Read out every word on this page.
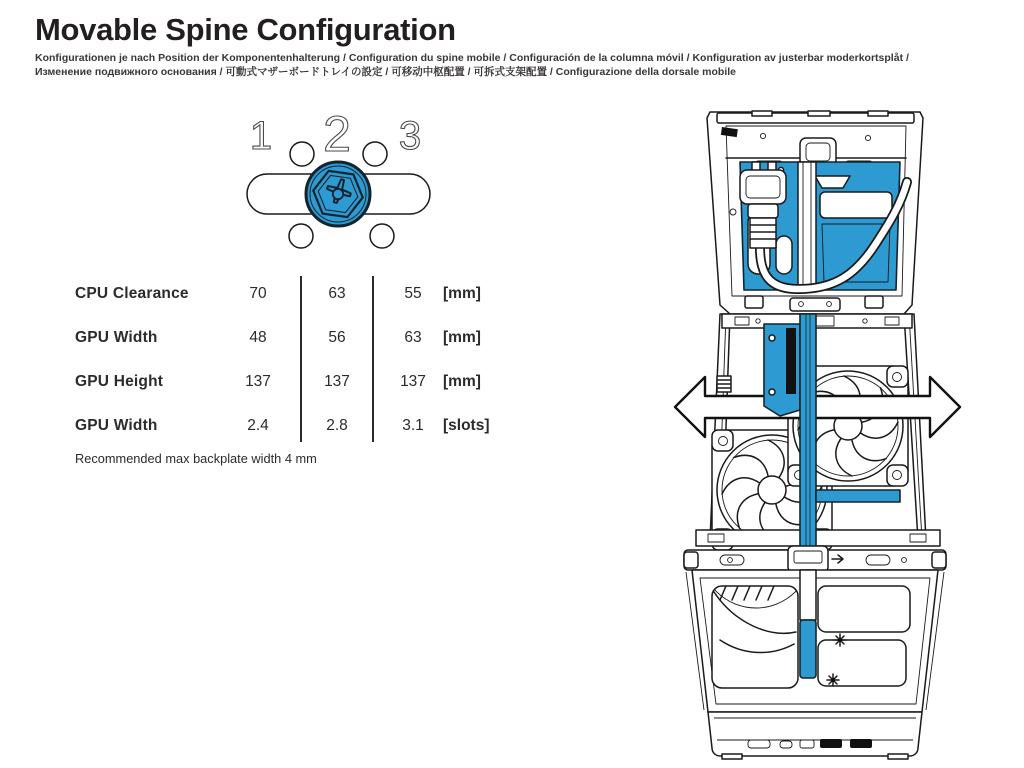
Movable Spine Configuration
Konfigurationen je nach Position der Komponentenhalterung / Configuration du spine mobile / Configuración de la columna móvil / Konfiguration av justerbar moderkortsplåt /
Изменение подвижного основания / 可動式マザーボードトレイの設定 / 可移动中枢配置 / 可拆式支架配置 / Configurazione della dorsale mobile
1 2 3
CPU Clearance	70	63	55	[mm]
GPU Width	48	56	63	[mm]
GPU Height	137	137	137	[mm]
GPU Width	2.4	2.8	3.1	[slots]
Recommended max backplate width 4 mm
